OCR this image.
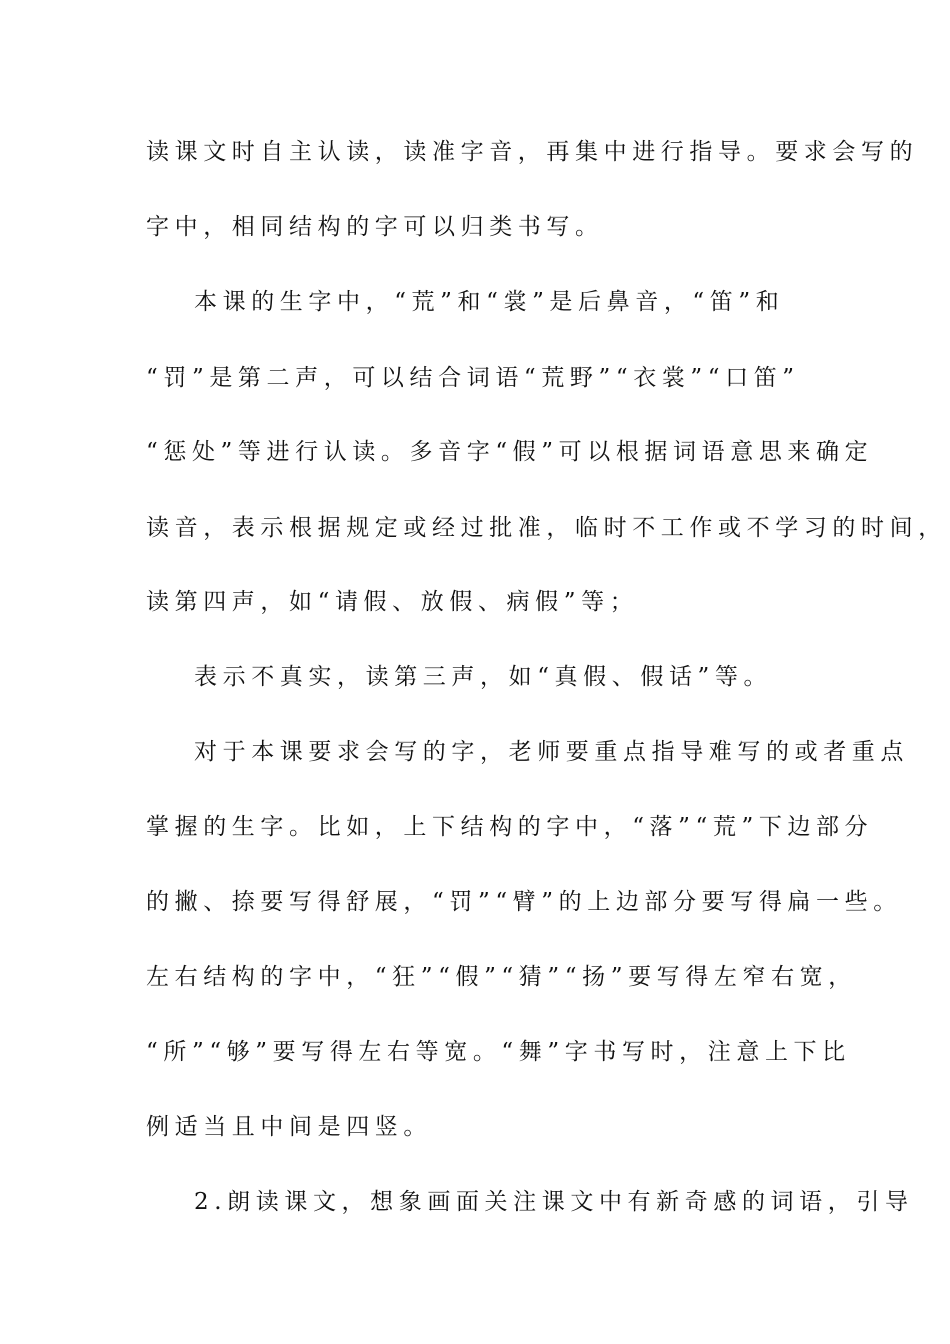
读课文时自主认读，读准字音，再集中进行指导。要求会写的
字中，相同结构的字可以归类书写。
本课的生字中，“荒”和“裳”是后鼻音，“笛”和
“罚”是第二声，可以结合词语“荒野”“衣裳”“口笛”
“惩处”等进行认读。多音字“假”可以根据词语意思来确定
读音，表示根据规定或经过批准，临时不工作或不学习的时间，
读第四声，如“请假、放假、病假”等；
表示不真实，读第三声，如“真假、假话”等。
对于本课要求会写的字，老师要重点指导难写的或者重点
掌握的生字。比如，上下结构的字中，“落”“荒”下边部分
的撇、捺要写得舒展，“罚”“臂”的上边部分要写得扁一些。
左右结构的字中，“狂”“假”“猜”“扬”要写得左窄右宽，
“所”“够”要写得左右等宽。“舞”字书写时，注意上下比
例适当且中间是四竖。
2.朗读课文，想象画面关注课文中有新奇感的词语，引导
